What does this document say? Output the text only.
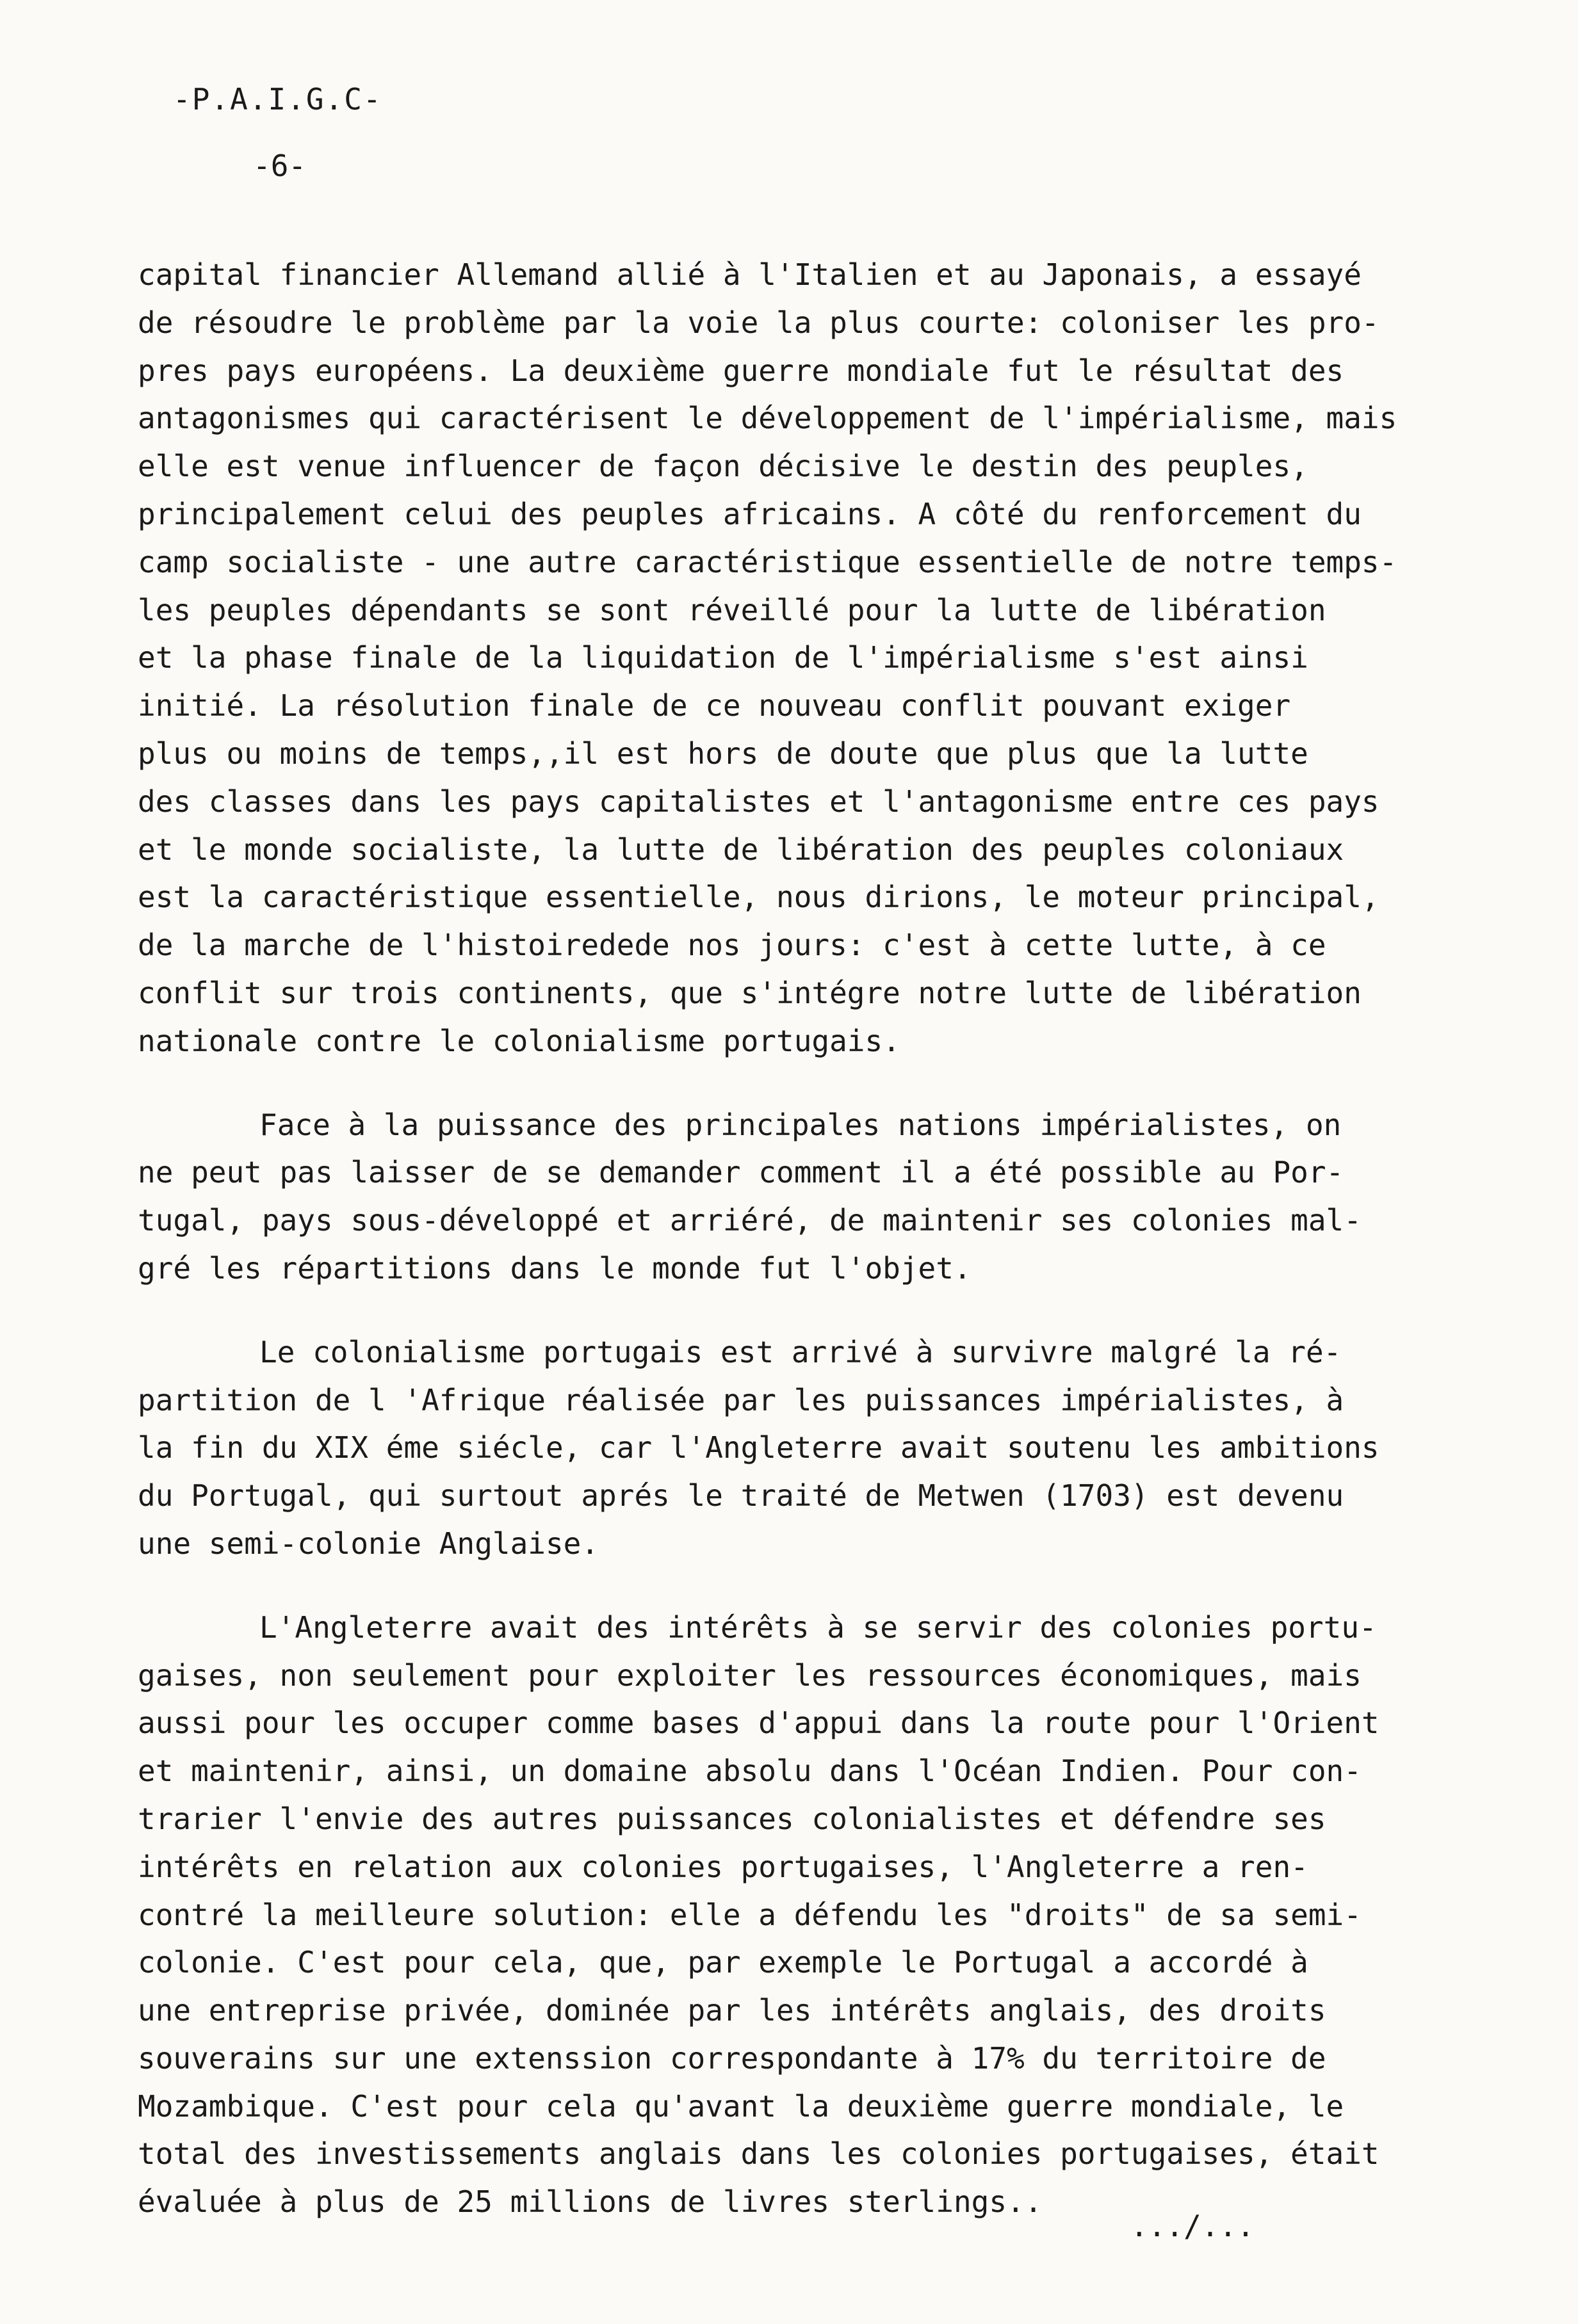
-P.A.I.G.C-
-6-
capital financier Allemand allié à l'Italien et au Japonais, a essayé
de résoudre le problème par la voie la plus courte: coloniser les pro-
pres pays européens. La deuxième guerre mondiale fut le résultat des
antagonismes qui caractérisent le développement de l'impérialisme, mais
elle est venue influencer de façon décisive le destin des peuples,
principalement celui des peuples africains. A côté du renforcement du
camp socialiste - une autre caractéristique essentielle de notre temps-
les peuples dépendants se sont réveillé pour la lutte de libération
et la phase finale de la liquidation de l'impérialisme s'est ainsi
initié. La résolution finale de ce nouveau conflit pouvant exiger
plus ou moins de temps,,il est hors de doute que plus que la lutte
des classes dans les pays capitalistes et l'antagonisme entre ces pays
et le monde socialiste, la lutte de libération des peuples coloniaux
est la caractéristique essentielle, nous dirions, le moteur principal,
de la marche de l'histoiredede nos jours: c'est à cette lutte, à ce
conflit sur trois continents, que s'intégre notre lutte de libération
nationale contre le colonialisme portugais.
Face à la puissance des principales nations impérialistes, on
ne peut pas laisser de se demander comment il a été possible au Por-
tugal, pays sous-développé et arriéré, de maintenir ses colonies mal-
gré les répartitions dans le monde fut l'objet.
Le colonialisme portugais est arrivé à survivre malgré la ré-
partition de l 'Afrique réalisée par les puissances impérialistes, à
la fin du XIX éme siécle, car l'Angleterre avait soutenu les ambitions
du Portugal, qui surtout aprés le traité de Metwen (1703) est devenu
une semi-colonie Anglaise.
L'Angleterre avait des intérêts à se servir des colonies portu-
gaises, non seulement pour exploiter les ressources économiques, mais
aussi pour les occuper comme bases d'appui dans la route pour l'Orient
et maintenir, ainsi, un domaine absolu dans l'Océan Indien. Pour con-
trarier l'envie des autres puissances colonialistes et défendre ses
intérêts en relation aux colonies portugaises, l'Angleterre a ren-
contré la meilleure solution: elle a défendu les "droits" de sa semi-
colonie. C'est pour cela, que, par exemple le Portugal a accordé à
une entreprise privée, dominée par les intérêts anglais, des droits
souverains sur une extenssion correspondante à 17% du territoire de
Mozambique. C'est pour cela qu'avant la deuxième guerre mondiale, le
total des investissements anglais dans les colonies portugaises, était
évaluée à plus de 25 millions de livres sterlings..
.../...
